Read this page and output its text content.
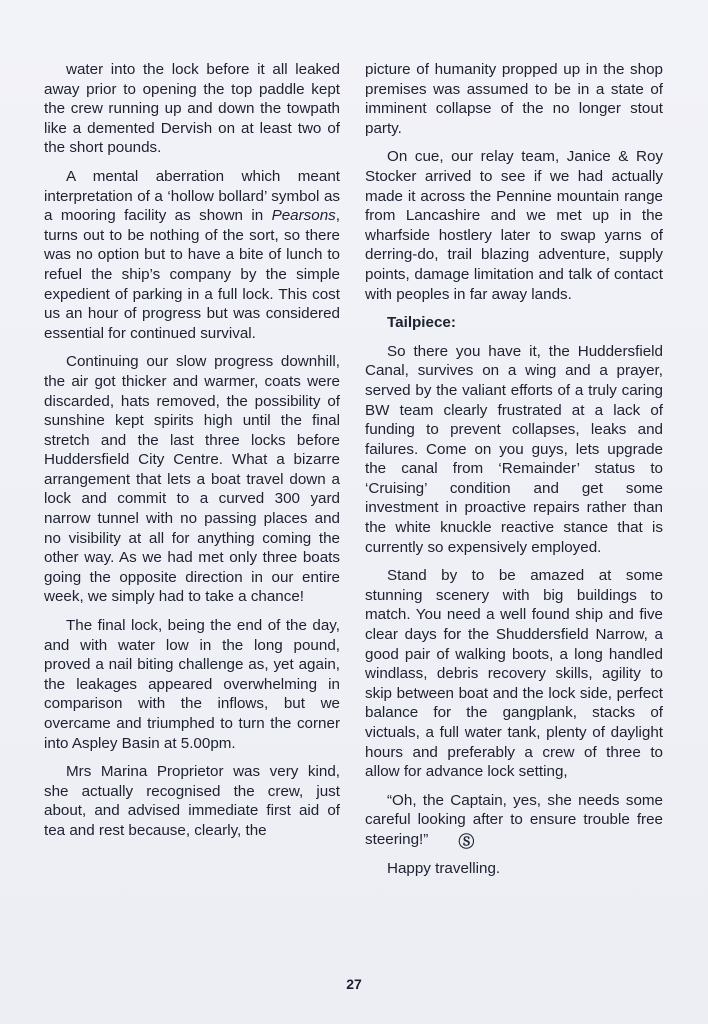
water into the lock before it all leaked away prior to opening the top paddle kept the crew running up and down the towpath like a demented Dervish on at least two of the short pounds.

A mental aberration which meant interpretation of a ‘hollow bollard’ symbol as a mooring facility as shown in Pearsons, turns out to be nothing of the sort, so there was no option but to have a bite of lunch to refuel the ship’s company by the simple expedient of parking in a full lock. This cost us an hour of progress but was considered essential for continued survival.

Continuing our slow progress downhill, the air got thicker and warmer, coats were discarded, hats removed, the possibility of sunshine kept spirits high until the final stretch and the last three locks before Huddersfield City Centre. What a bizarre arrangement that lets a boat travel down a lock and commit to a curved 300 yard narrow tunnel with no passing places and no visibility at all for anything coming the other way. As we had met only three boats going the opposite direction in our entire week, we simply had to take a chance!

The final lock, being the end of the day, and with water low in the long pound, proved a nail biting challenge as, yet again, the leakages appeared overwhelming in comparison with the inflows, but we overcame and triumphed to turn the corner into Aspley Basin at 5.00pm.

Mrs Marina Proprietor was very kind, she actually recognised the crew, just about, and advised immediate first aid of tea and rest because, clearly, the

picture of humanity propped up in the shop premises was assumed to be in a state of imminent collapse of the no longer stout party.

On cue, our relay team, Janice & Roy Stocker arrived to see if we had actually made it across the Pennine mountain range from Lancashire and we met up in the wharfside hostlery later to swap yarns of derring-do, trail blazing adventure, supply points, damage limitation and talk of contact with peoples in far away lands.

Tailpiece:

So there you have it, the Huddersfield Canal, survives on a wing and a prayer, served by the valiant efforts of a truly caring BW team clearly frustrated at a lack of funding to prevent collapses, leaks and failures. Come on you guys, lets upgrade the canal from ‘Remainder’ status to ‘Cruising’ condition and get some investment in proactive repairs rather than the white knuckle reactive stance that is currently so expensively employed.

Stand by to be amazed at some stunning scenery with big buildings to match. You need a well found ship and five clear days for the Shuddersfield Narrow, a good pair of walking boots, a long handled windlass, debris recovery skills, agility to skip between boat and the lock side, perfect balance for the gangplank, stacks of victuals, a full water tank, plenty of daylight hours and preferably a crew of three to allow for advance lock setting,

“Oh, the Captain, yes, she needs some careful looking after to ensure trouble free steering!” Ⓢ

Happy travelling.

27
